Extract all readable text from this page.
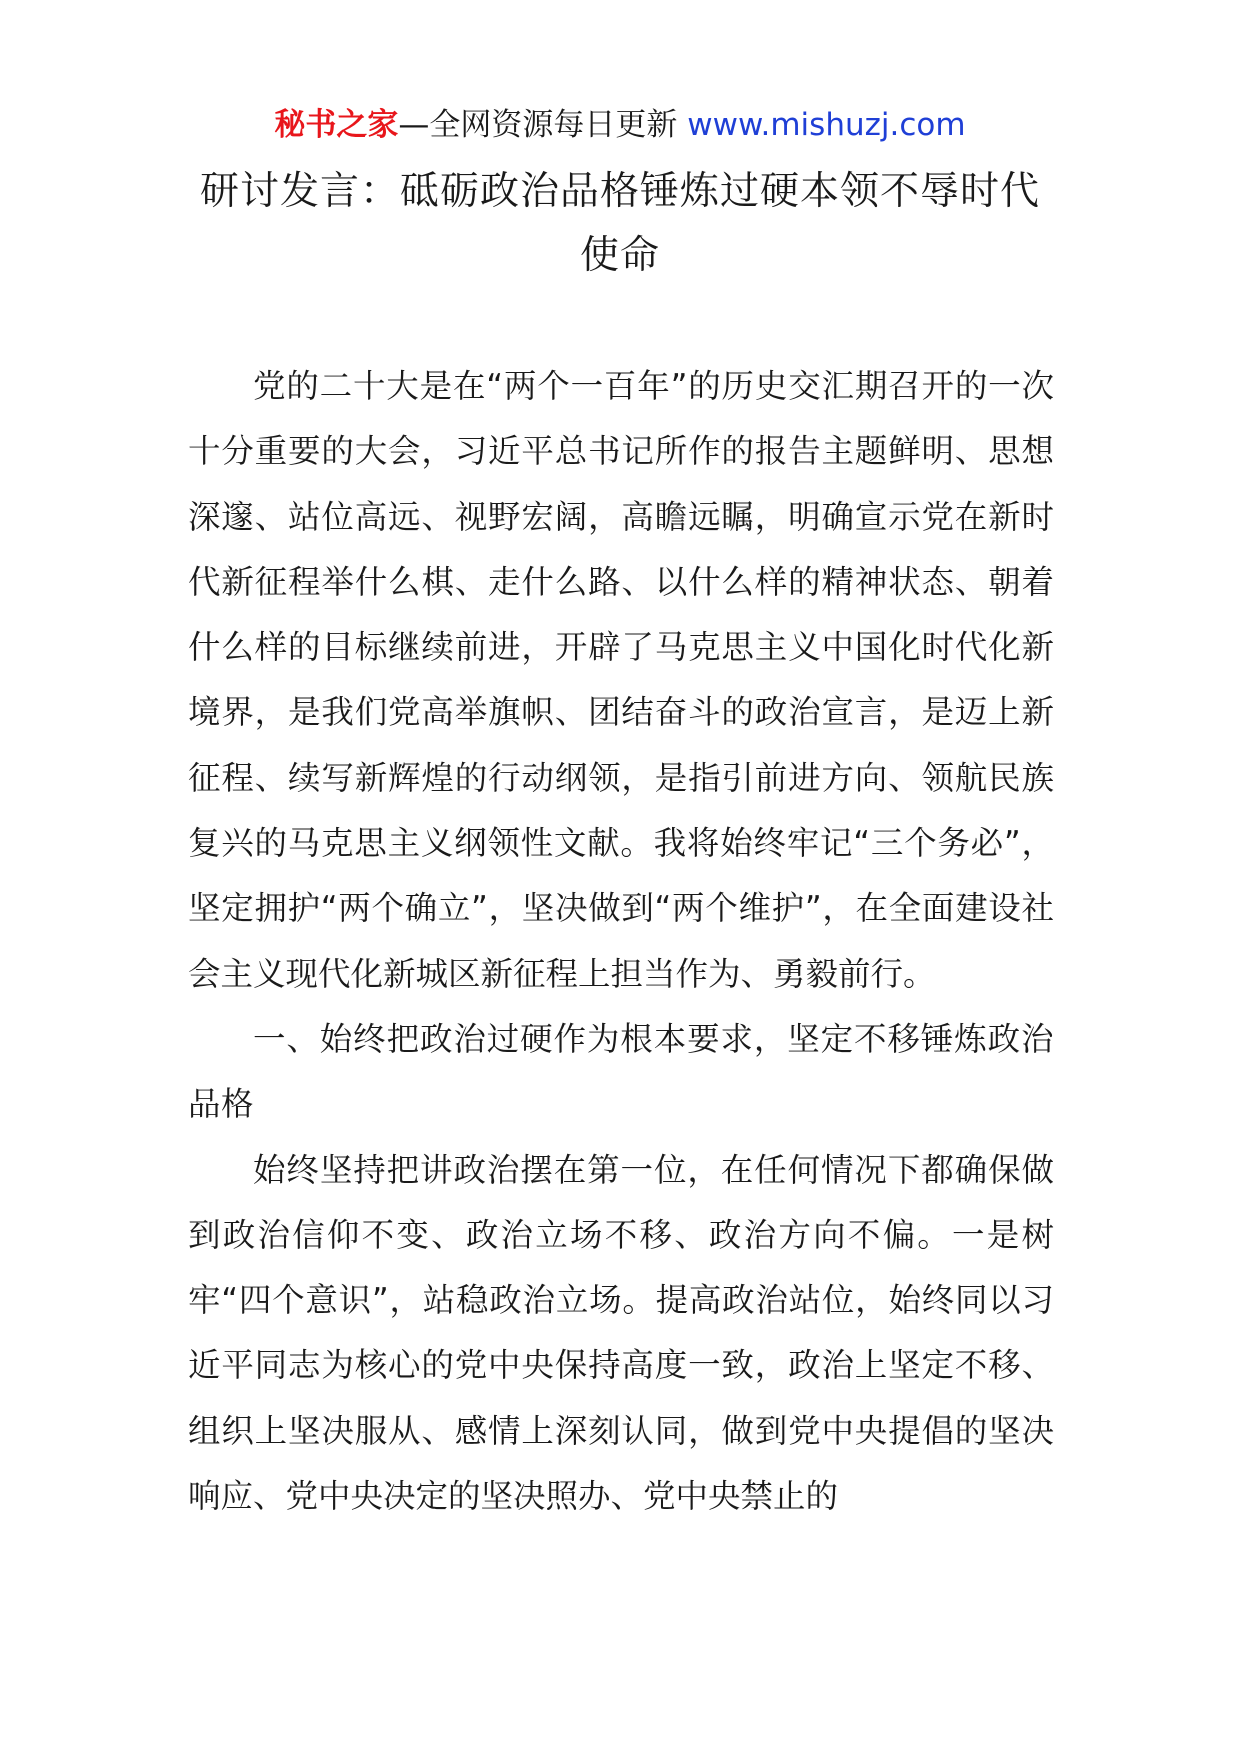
秘书之家—全网资源每日更新 www.mishuzj.com
研讨发言：砥砺政治品格锤炼过硬本领不辱时代使命

党的二十大是在“两个一百年”的历史交汇期召开的一次十分重要的大会，习近平总书记所作的报告主题鲜明、思想深邃、站位高远、视野宏阔，高瞻远瞩，明确宣示党在新时代新征程举什么棋、走什么路、以什么样的精神状态、朝着什么样的目标继续前进，开辟了马克思主义中国化时代化新境界，是我们党高举旗帜、团结奋斗的政治宣言，是迈上新征程、续写新辉煌的行动纲领，是指引前进方向、领航民族复兴的马克思主义纲领性文献。我将始终牢记“三个务必”，坚定拥护“两个确立”，坚决做到“两个维护”，在全面建设社会主义现代化新城区新征程上担当作为、勇毅前行。

一、始终把政治过硬作为根本要求，坚定不移锤炼政治品格

始终坚持把讲政治摆在第一位，在任何情况下都确保做到政治信仰不变、政治立场不移、政治方向不偏。一是树牢“四个意识”，站稳政治立场。提高政治站位，始终同以习近平同志为核心的党中央保持高度一致，政治上坚定不移、组织上坚决服从、感情上深刻认同，做到党中央提倡的坚决响应、党中央决定的坚决照办、党中央禁止的
